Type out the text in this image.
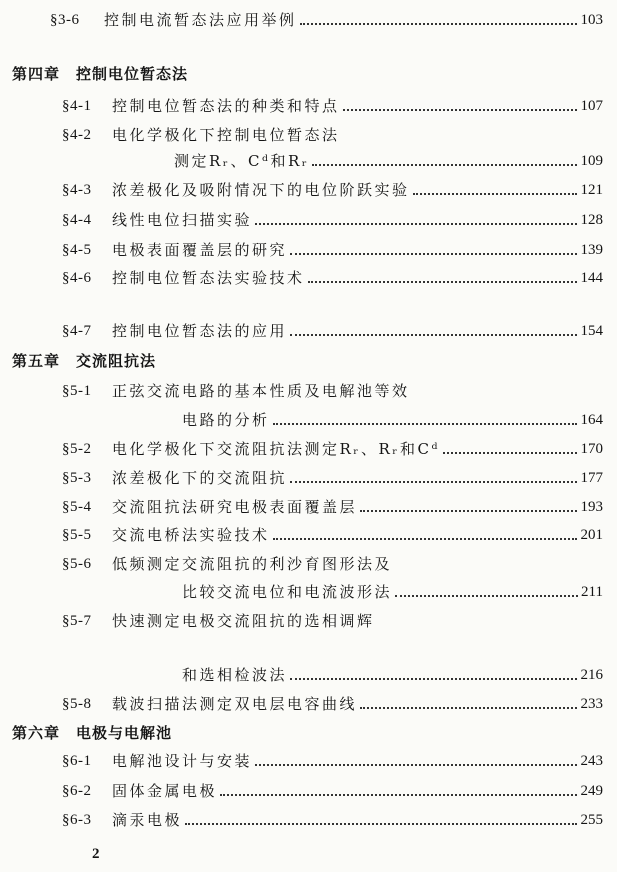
§3-6 控制电流暂态法应用举例	103
第四章 控制电位暂态法
§4-1 控制电位暂态法的种类和特点	107
§4-2 电化学极化下控制电位暂态法
测定Rᵣ、Cᵈ和Rᵣ	109
§4-3 浓差极化及吸附情况下的电位阶跃实验	121
§4-4 线性电位扫描实验	128
§4-5 电极表面覆盖层的研究	139
§4-6 控制电位暂态法实验技术	144
§4-7 控制电位暂态法的应用	154
第五章 交流阻抗法
§5-1 正弦交流电路的基本性质及电解池等效
电路的分析	164
§5-2 电化学极化下交流阻抗法测定Rᵣ、Rᵣ和Cᵈ	170
§5-3 浓差极化下的交流阻抗	177
§5-4 交流阻抗法研究电极表面覆盖层	193
§5-5 交流电桥法实验技术	201
§5-6 低频测定交流阻抗的利沙育图形法及
比较交流电位和电流波形法	211
§5-7 快速测定电极交流阻抗的选相调辉
和选相检波法	216
§5-8 载波扫描法测定双电层电容曲线	233
第六章 电极与电解池
§6-1 电解池设计与安装	243
§6-2 固体金属电极	249
§6-3 滴汞电极	255
2
